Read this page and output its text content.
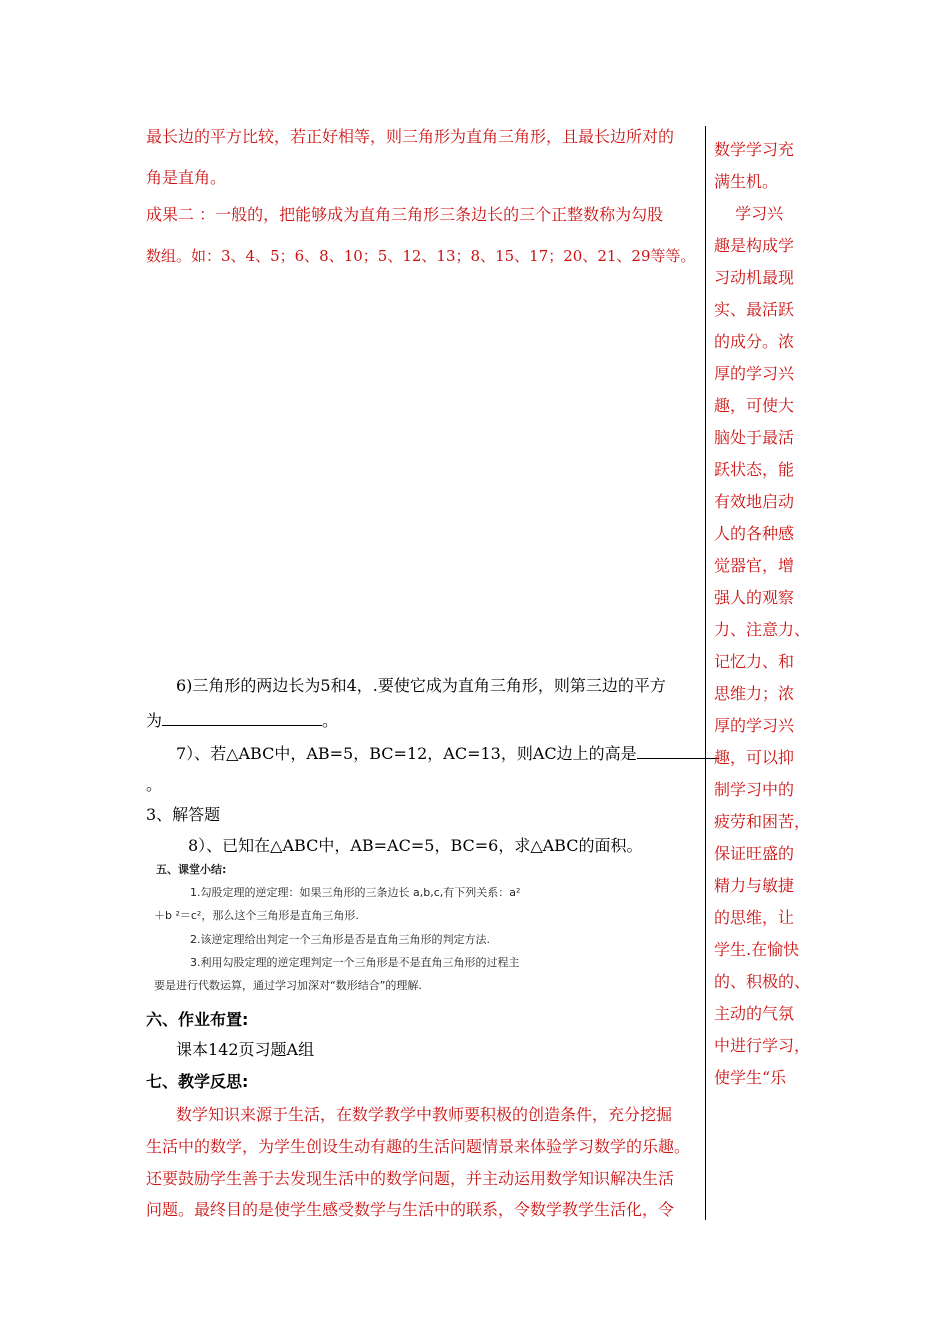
最长边的平方比较，若正好相等，则三角形为直角三角形，且最长边所对的
角是直角。
成果二 ：一般的，把能够成为直角三角形三条边长的三个正整数称为勾股
数组。如：3、4、5；6、8、10；5、12、13；8、15、17；20、21、29等等。
6)三角形的两边长为5和4，.要使它成为直角三角形，则第三边的平方
为	。
7）、若△ABC中，AB=5，BC=12，AC=13，则AC边上的高是
。
3、解答题
8）、已知在△ABC中，AB=AC=5，BC=6，求△ABC的面积。
五、课堂小结:
1.勾股定理的逆定理：如果三角形的三条边长 a,b,c,有下列关系：a²
＋b ²＝c²，那么这个三角形是直角三角形.
2.该逆定理给出判定一个三角形是否是直角三角形的判定方法.
3.利用勾股定理的逆定理判定一个三角形是不是直角三角形的过程主
要是进行代数运算，通过学习加深对“数形结合”的理解.
六、作业布置:
课本142页习题A组
七、教学反思:
数学知识来源于生活，在数学教学中教师要积极的创造条件，充分挖掘
生活中的数学，为学生创设生动有趣的生活问题情景来体验学习数学的乐趣。
还要鼓励学生善于去发现生活中的数学问题，并主动运用数学知识解决生活
问题。最终目的是使学生感受数学与生活中的联系，令数学教学生活化，令
数学学习充
满生机。
　 学习兴
趣是构成学
习动机最现
实、最活跃
的成分。浓
厚的学习兴
趣，可使大
脑处于最活
跃状态，能
有效地启动
人的各种感
觉器官，增
强人的观察
力、注意力、
记忆力、和
思维力；浓
厚的学习兴
趣，可以抑
制学习中的
疲劳和困苦，
保证旺盛的
精力与敏捷
的思维，让
学生.在愉快
的、积极的、
主动的气氛
中进行学习，
使学生“乐
